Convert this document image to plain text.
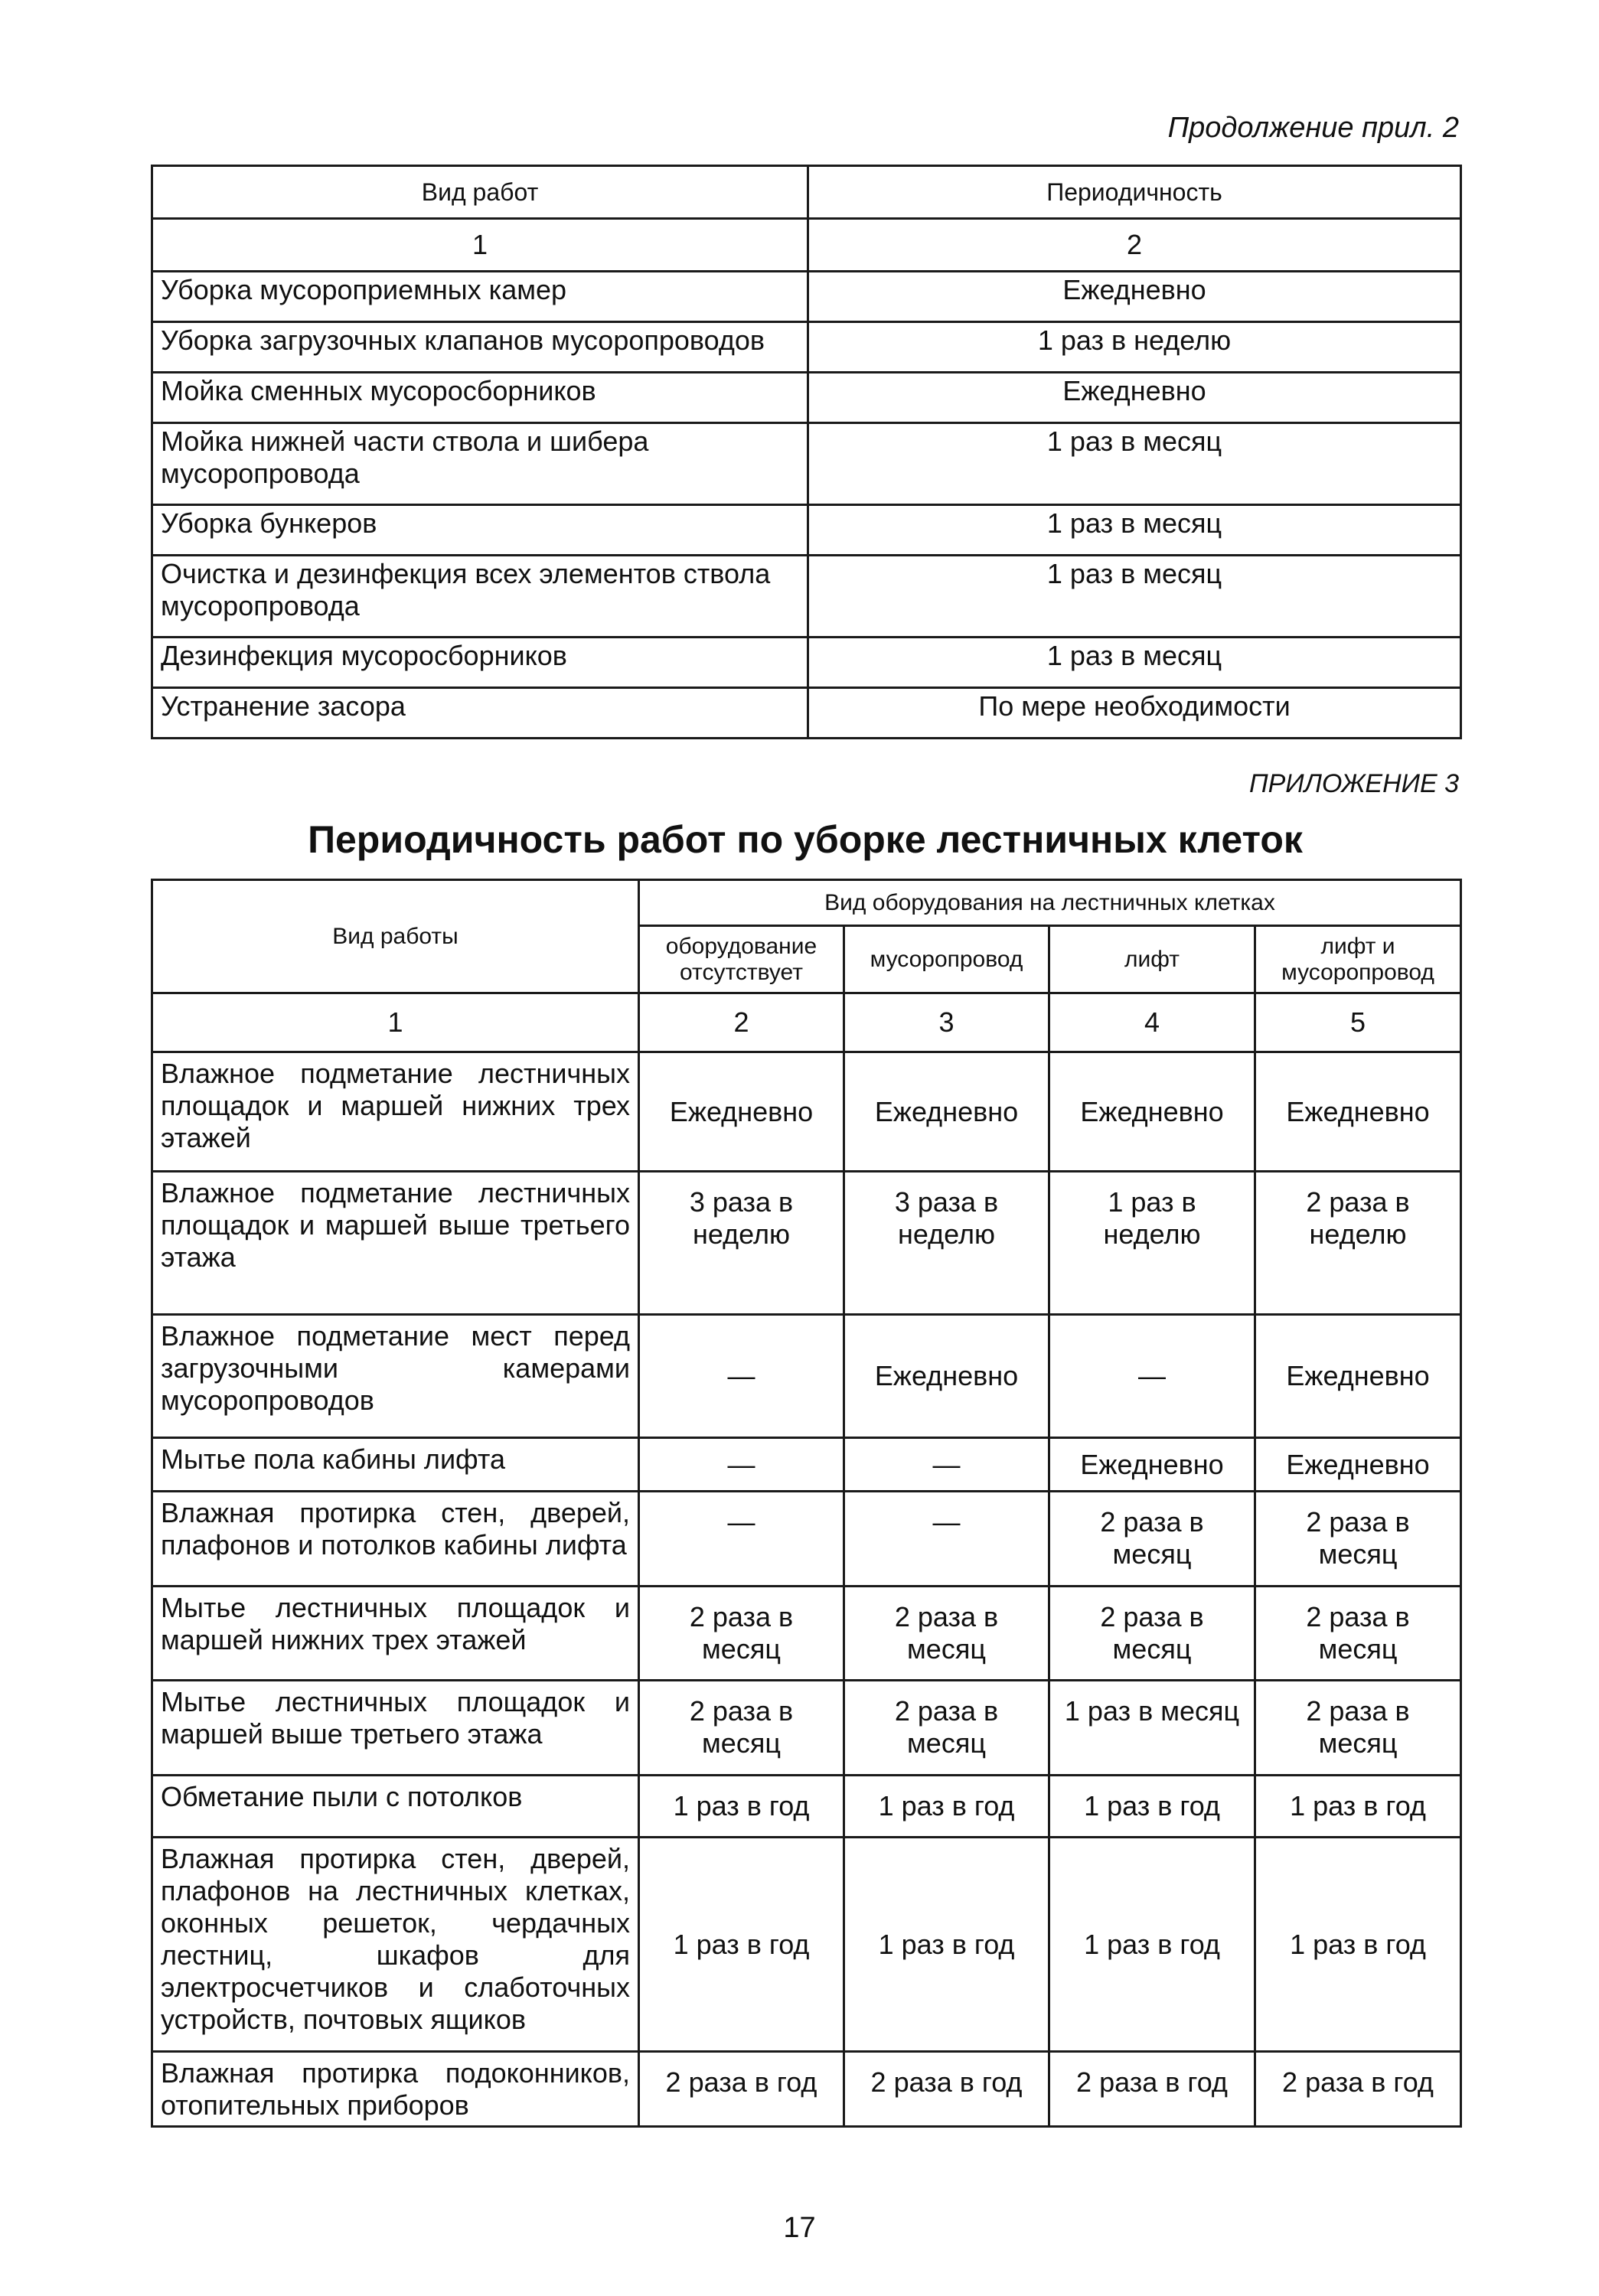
Продолжение прил. 2
Вид работ	Периодичность
1	2
Уборка мусороприемных камер	Ежедневно
Уборка загрузочных клапанов мусоропроводов	1 раз в неделю
Мойка сменных мусоросборников	Ежедневно
Мойка нижней части ствола и шибера мусоропровода	1 раз в месяц
Уборка бункеров	1 раз в месяц
Очистка и дезинфекция всех элементов ствола мусоропровода	1 раз в месяц
Дезинфекция мусоросборников	1 раз в месяц
Устранение засора	По мере необходимости
ПРИЛОЖЕНИЕ 3
Периодичность работ по уборке лестничных клеток
Вид работы	Вид оборудования на лестничных клетках			
	оборудование отсутствует	мусоропровод	лифт	лифт и мусоропровод
1	2	3	4	5
Влажное подметание лестничных площадок и маршей нижних трех этажей	Ежедневно	Ежедневно	Ежедневно	Ежедневно
Влажное подметание лестничных площадок и маршей выше третьего этажа	3 раза в неделю	3 раза в неделю	1 раз в неделю	2 раза в неделю
Влажное подметание мест перед загрузочными камерами мусоропроводов	—	Ежедневно	—	Ежедневно
Мытье пола кабины лифта	—	—	Ежедневно	Ежедневно
Влажная протирка стен, дверей, плафонов и потолков кабины лифта	—	—	2 раза в месяц	2 раза в месяц
Мытье лестничных площадок и маршей нижних трех этажей	2 раза в месяц	2 раза в месяц	2 раза в месяц	2 раза в месяц
Мытье лестничных площадок и маршей выше третьего этажа	2 раза в месяц	2 раза в месяц	1 раз в месяц	2 раза в месяц
Обметание пыли с потолков	1 раз в год	1 раз в год	1 раз в год	1 раз в год
Влажная протирка стен, дверей, плафонов на лестничных клетках, оконных решеток, чердачных лестниц, шкафов для электросчетчиков и слаботочных устройств, почтовых ящиков	1 раз в год	1 раз в год	1 раз в год	1 раз в год
Влажная протирка подоконников, отопительных приборов	2 раза в год	2 раза в год	2 раза в год	2 раза в год
17
